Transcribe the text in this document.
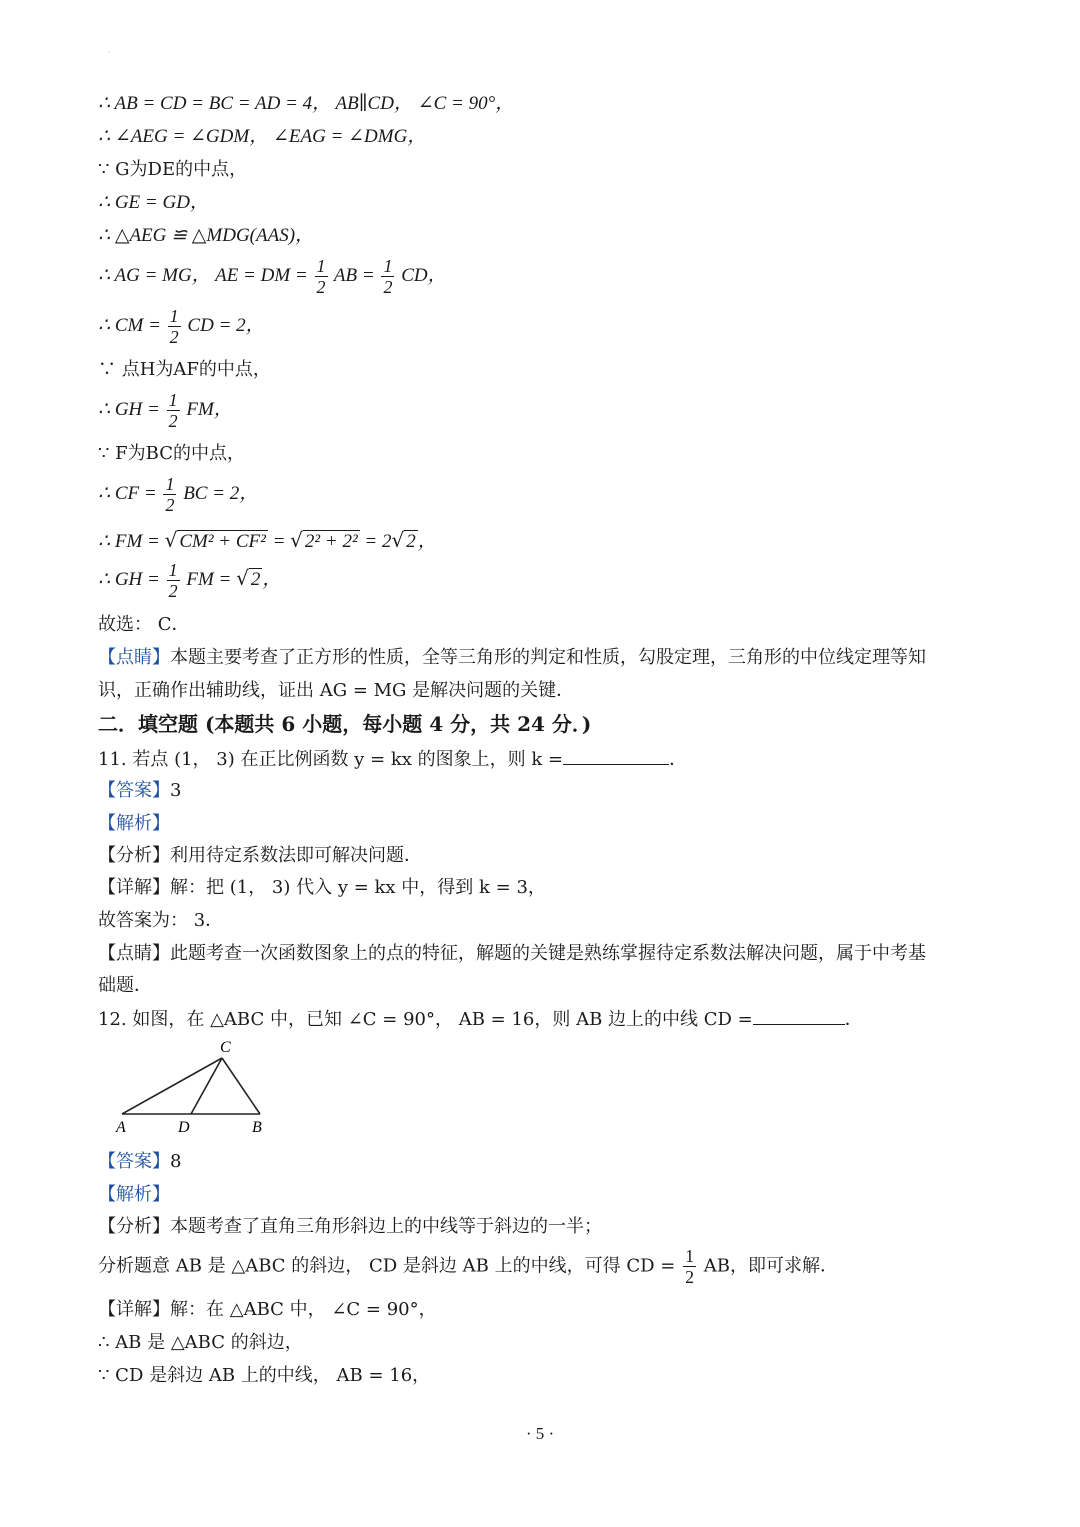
·
∴ AB = CD = BC = AD = 4， AB∥CD， ∠C = 90°，
∴ ∠AEG = ∠GDM， ∠EAG = ∠DMG，
∵ G为DE的中点，
∴ GE = GD，
∴ △AEG ≌ △MDG(AAS)，
∴ AG = MG， AE = DM = $\frac{1}{2}$ AB = $\frac{1}{2}$ CD，
∴ CM = $\frac{1}{2}$ CD = 2，
∵ 点H为AF的中点，
∴ GH = $\frac{1}{2}$ FM，
∵ F为BC的中点，
∴ CF = $\frac{1}{2}$ BC = 2，
∴ FM = √ CM² + CF² = √ 2² + 2² = 2√ 2 ，
∴ GH = $\frac{1}{2}$ FM = √ 2 ，
故选： C．
【点睛】本题主要考查了正方形的性质，全等三角形的判定和性质，勾股定理，三角形的中位线定理等知
识，正确作出辅助线，证出 AG = MG 是解决问题的关键．
二．填空题 (本题共 6 小题，每小题 4 分，共 24 分．)
11. 若点 (1， 3) 在正比例函数 y = kx 的图象上，则 k =	．
【答案】3
【解析】
【分析】利用待定系数法即可解决问题．
【详解】解：把 (1， 3) 代入 y = kx 中，得到 k = 3，
故答案为： 3．
【点睛】此题考查一次函数图象上的点的特征，解题的关键是熟练掌握待定系数法解决问题，属于中考基
础题．
12. 如图，在 △ABC 中，已知 ∠C = 90°， AB = 16，则 AB 边上的中线 CD =	．
C
A	D	B
【答案】8
【解析】
【分析】本题考查了直角三角形斜边上的中线等于斜边的一半；
分析题意 AB 是 △ABC 的斜边， CD 是斜边 AB 上的中线，可得 CD = $\frac{1}{2}$ AB，即可求解．
【详解】解：在 △ABC 中， ∠C = 90°，
∴ AB 是 △ABC 的斜边，
∵ CD 是斜边 AB 上的中线， AB = 16，
· 5 ·
